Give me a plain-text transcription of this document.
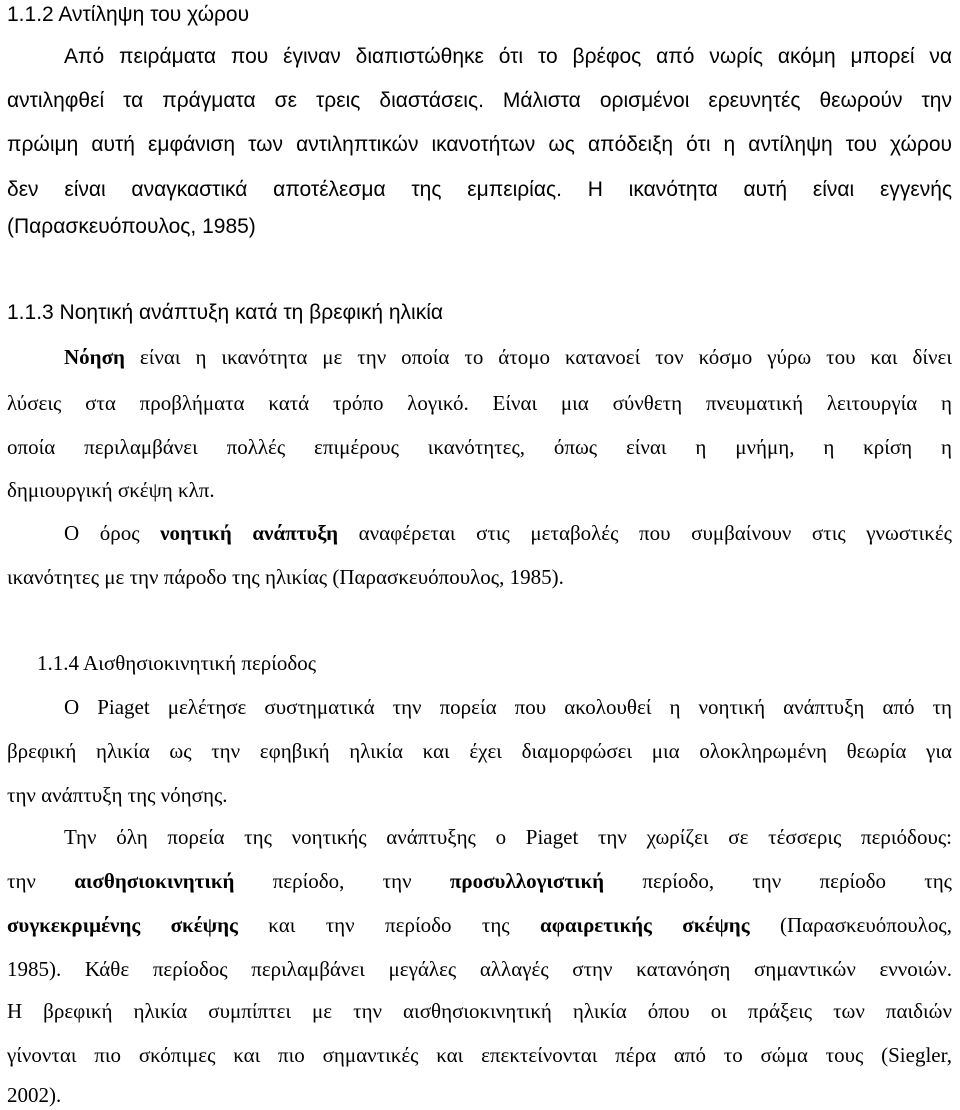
1.1.2 Αντίληψη του χώρου
Από πειράματα που έγιναν διαπιστώθηκε ότι το βρέφος από νωρίς ακόμη μπορεί να
αντιληφθεί τα πράγματα σε τρεις διαστάσεις. Μάλιστα ορισμένοι ερευνητές θεωρούν την
πρώιμη αυτή εμφάνιση των αντιληπτικών ικανοτήτων ως απόδειξη ότι η αντίληψη του χώρου
δεν είναι αναγκαστικά αποτέλεσμα της εμπειρίας. Η ικανότητα αυτή είναι εγγενής
(Παρασκευόπουλος, 1985)
1.1.3 Νοητική ανάπτυξη κατά τη βρεφική ηλικία
Νόηση είναι η ικανότητα με την οποία το άτομο κατανοεί τον κόσμο γύρω του και δίνει
λύσεις στα προβλήματα κατά τρόπο λογικό. Είναι μια σύνθετη πνευματική λειτουργία η
οποία περιλαμβάνει πολλές επιμέρους ικανότητες, όπως είναι η μνήμη, η κρίση η
δημιουργική σκέψη κλπ.
Ο όρος νοητική ανάπτυξη αναφέρεται στις μεταβολές που συμβαίνουν στις γνωστικές
ικανότητες με την πάροδο της ηλικίας (Παρασκευόπουλος, 1985).
1.1.4 Αισθησιοκινητική περίοδος
Ο Piaget μελέτησε συστηματικά την πορεία που ακολουθεί η νοητική ανάπτυξη από τη
βρεφική ηλικία ως την εφηβική ηλικία και έχει διαμορφώσει μια ολοκληρωμένη θεωρία για
την ανάπτυξη της νόησης.
Την όλη πορεία της νοητικής ανάπτυξης ο Piaget την χωρίζει σε τέσσερις περιόδους:
την αισθησιοκινητική περίοδο, την προσυλλογιστική περίοδο, την περίοδο της
συγκεκριμένης σκέψης και την περίοδο της αφαιρετικής σκέψης (Παρασκευόπουλος,
1985). Κάθε περίοδος περιλαμβάνει μεγάλες αλλαγές στην κατανόηση σημαντικών εννοιών.
Η βρεφική ηλικία συμπίπτει με την αισθησιοκινητική ηλικία όπου οι πράξεις των παιδιών
γίνονται πιο σκόπιμες και πιο σημαντικές και επεκτείνονται πέρα από το σώμα τους (Siegler,
2002).
